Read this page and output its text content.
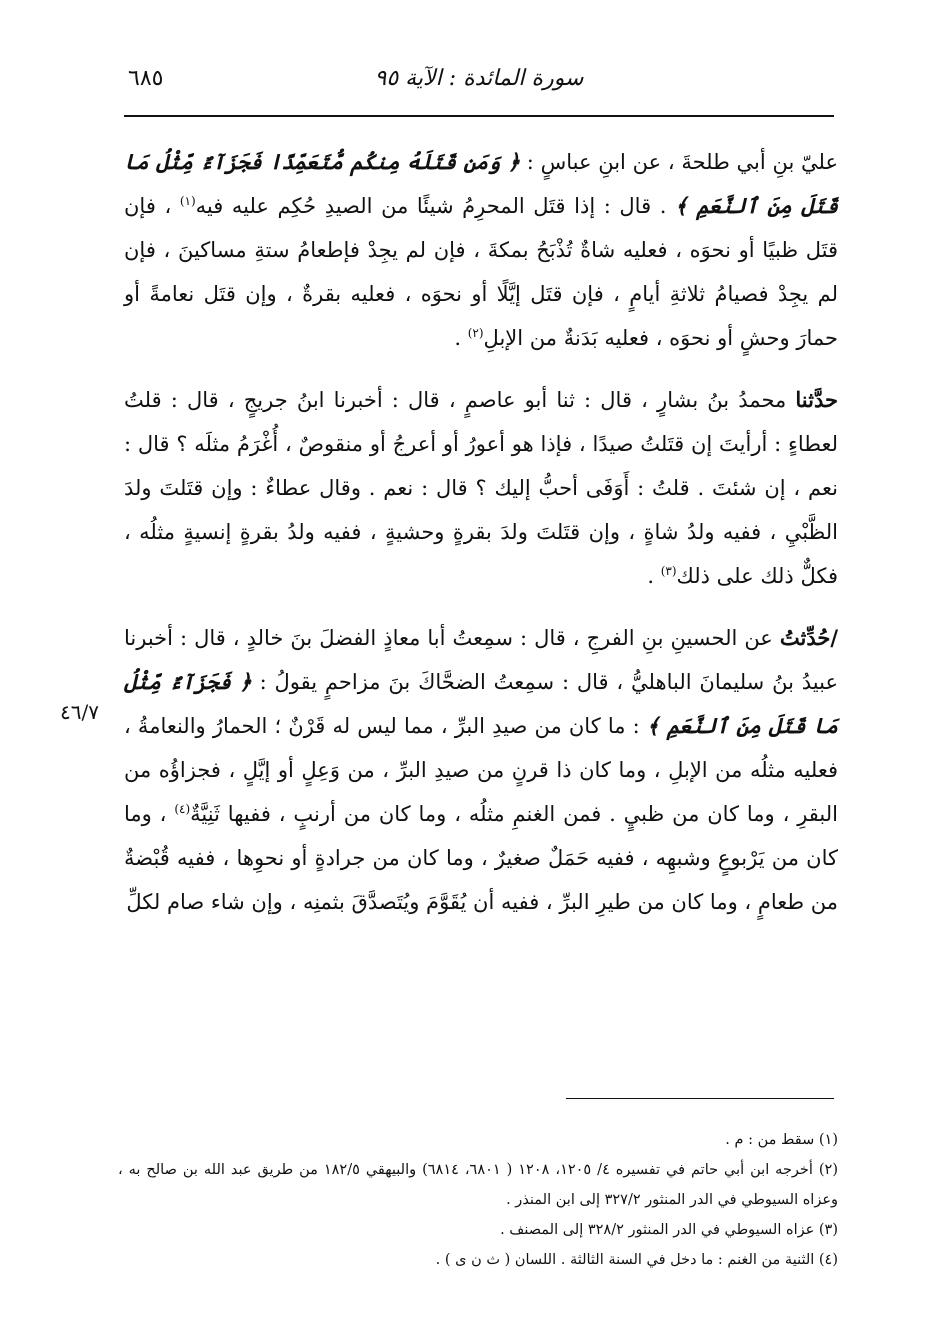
٦٨٥	سورة المائدة : الآية ٩٥
٤٦/٧

عليّ بنِ أبي طلحةَ ، عن ابنِ عباسٍ : ﴿ وَمَن قَتَلَهُ مِنكُم مُّتَعَمِّدًا فَجَزَآءٌ مِّثْلُ مَا قَتَلَ مِنَ ٱلنَّعَمِ ﴾ . قال : إذا قتَل المحرِمُ شيئًا من الصيدِ حُكِم عليه فيه$^{(١)}$ ، فإن قتَل ظبيًا أو نحوَه ، فعليه شاةٌ تُذْبَحُ بمكةَ ، فإن لم يجِدْ فإطعامُ ستةِ مساكينَ ، فإن لم يجِدْ فصيامُ ثلاثةِ أيامٍ ، فإن قتَل إيَّلًا أو نحوَه ، فعليه بقرةٌ ، وإن قتَل نعامةً أو حمارَ وحشٍ أو نحوَه ، فعليه بَدَنةٌ من الإبلِ$^{(٢)}$ .

حدَّثنا محمدُ بنُ بشارٍ ، قال : ثنا أبو عاصمٍ ، قال : أخبرنا ابنُ جريجٍ ، قال : قلتُ لعطاءٍ : أرأيتَ إن قتَلتُ صيدًا ، فإذا هو أعورُ أو أعرجُ أو منقوصٌ ، أُغْرَمُ مثلَه ؟ قال : نعم ، إن شئتَ . قلتُ : أَوَفَى أحبُّ إليك ؟ قال : نعم . وقال عطاءٌ : وإن قتَلتَ ولدَ الظَّبْيِ ، ففيه ولدُ شاةٍ ، وإن قتَلتَ ولدَ بقرةٍ وحشيةٍ ، ففيه ولدُ بقرةٍ إنسيةٍ مثلُه ، فكلٌّ ذلك على ذلك$^{(٣)}$ .

/حُدِّثتُ عن الحسينِ بنِ الفرجِ ، قال : سمِعتُ أبا معاذٍ الفضلَ بنَ خالدٍ ، قال : أخبرنا عبيدُ بنُ سليمانَ الباهليُّ ، قال : سمِعتُ الضحَّاكَ بنَ مزاحمٍ يقولُ : ﴿ فَجَزَآءٌ مِّثْلُ مَا قَتَلَ مِنَ ٱلنَّعَمِ ﴾ : ما كان من صيدِ البرِّ ، مما ليس له قَرْنٌ ؛ الحمارُ والنعامةُ ، فعليه مثلُه من الإبلِ ، وما كان ذا قرنٍ من صيدِ البرِّ ، من وَعِلٍ أو إيَّلٍ ، فجزاؤُه من البقرِ ، وما كان من ظبيٍ . فمن الغنمِ مثلُه ، وما كان من أرنبٍ ، ففيها ثَنِيَّةٌ$^{(٤)}$ ، وما كان من يَرْبوعٍ وشبهِه ، ففيه حَمَلٌ صغيرٌ ، وما كان من جرادةٍ أو نحوِها ، ففيه قُبْضةٌ من طعامٍ ، وما كان من طيرِ البرِّ ، ففيه أن يُقَوَّمَ ويُتَصدَّقَ بثمنِه ، وإن شاء صام لكلِّ

(١) سقط من : م .

(٢) أخرجه ابن أبي حاتم في تفسيره ٤/ ١٢٠٥، ١٢٠٨ ( ٦٨٠١، ٦٨١٤) والبيهقي ١٨٢/٥ من طريق عبد الله بن صالح به ، وعزاه السيوطي في الدر المنثور ٣٢٧/٢ إلى ابن المنذر .

(٣) عزاه السيوطي في الدر المنثور ٣٢٨/٢ إلى المصنف .

(٤) الثنية من الغنم : ما دخل في السنة الثالثة . اللسان ( ث ن ى ) .
